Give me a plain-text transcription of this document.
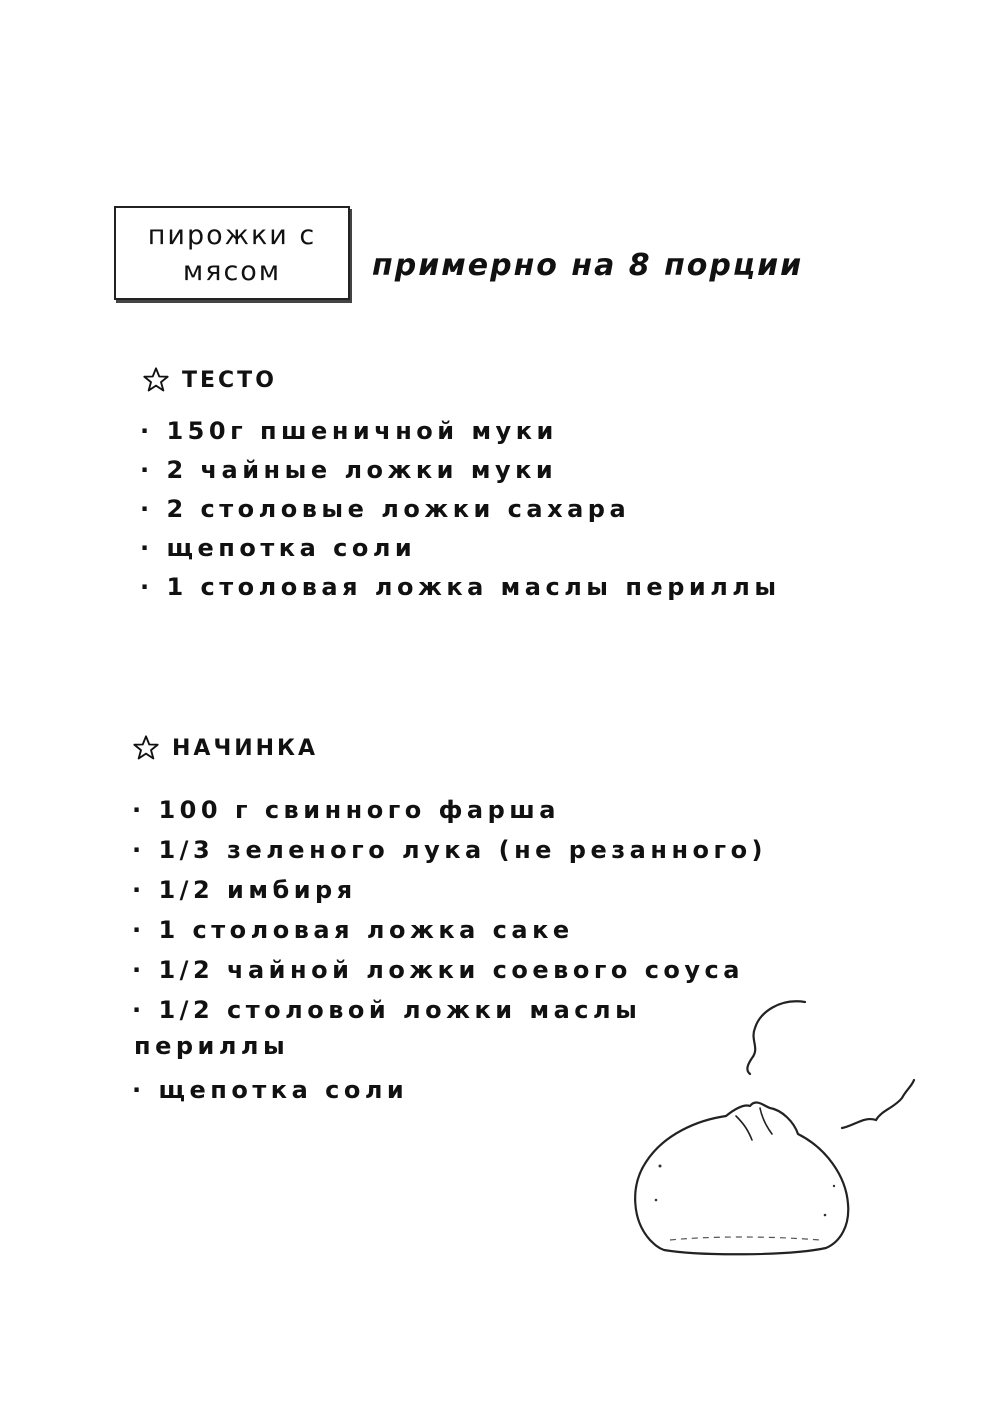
пирожки с
мясом	примерно на 8 порции
ТЕСТО
· 150г пшеничной муки
· 2 чайные ложки муки
· 2 столовые ложки сахара
· щепотка соли
· 1 столовая ложка маслы периллы
НАЧИНКА
· 100 г свинного фарша
· 1/3 зеленого лука (не резанного)
· 1/2 имбиря
· 1 столовая ложка саке
· 1/2 чайной ложки соевого соуса
· 1/2 столовой ложки маслы
периллы
· щепотка соли
